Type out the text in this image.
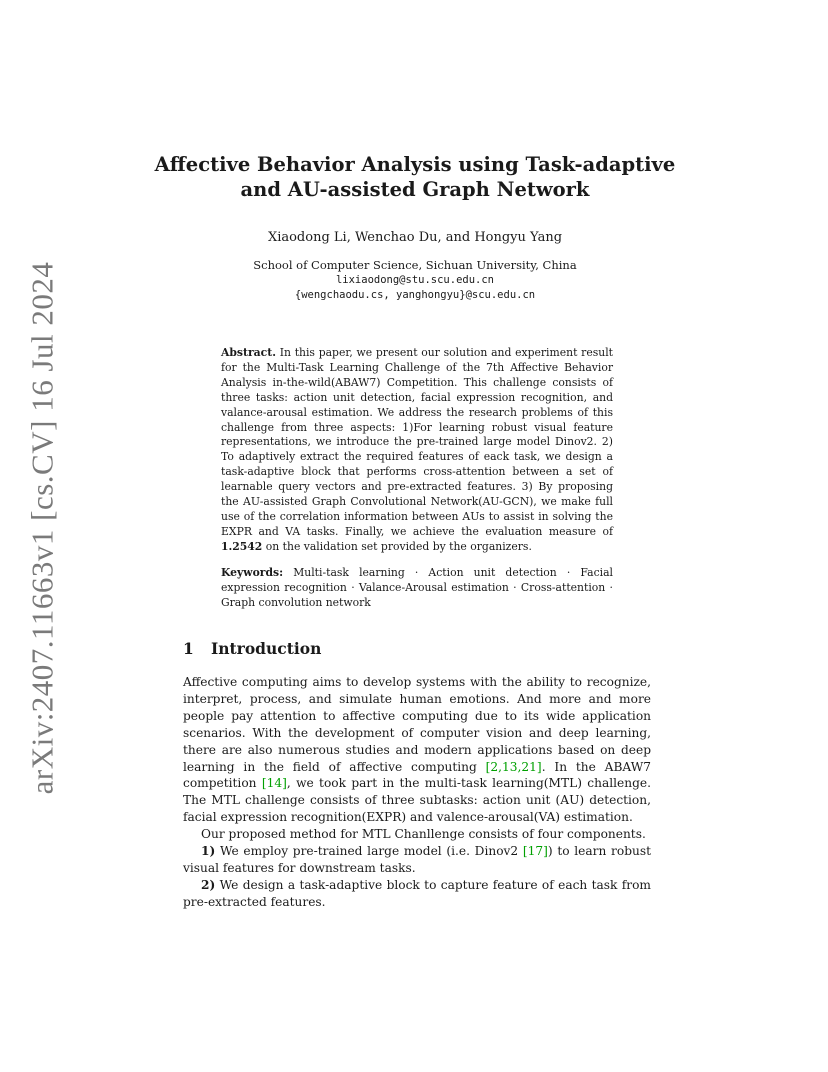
arXiv:2407.11663v1 [cs.CV] 16 Jul 2024
Affective Behavior Analysis using Task-adaptive and AU-assisted Graph Network
Xiaodong Li, Wenchao Du, and Hongyu Yang
School of Computer Science, Sichuan University, China
lixiaodong@stu.scu.edu.cn
{wengchaodu.cs, yanghongyu}@scu.edu.cn
Abstract. In this paper, we present our solution and experiment result for the Multi-Task Learning Challenge of the 7th Affective Behavior Analysis in-the-wild(ABAW7) Competition. This challenge consists of three tasks: action unit detection, facial expression recognition, and valance-arousal estimation. We address the research problems of this challenge from three aspects: 1)For learning robust visual feature representations, we introduce the pre-trained large model Dinov2. 2) To adaptively extract the required features of eack task, we design a task-adaptive block that performs cross-attention between a set of learnable query vectors and pre-extracted features. 3) By proposing the AU-assisted Graph Convolutional Network(AU-GCN), we make full use of the correlation information between AUs to assist in solving the EXPR and VA tasks. Finally, we achieve the evaluation measure of 1.2542 on the validation set provided by the organizers.
Keywords: Multi-task learning · Action unit detection · Facial expression recognition · Valance-Arousal estimation · Cross-attention · Graph convolution network
1 Introduction

Affective computing aims to develop systems with the ability to recognize, interpret, process, and simulate human emotions. And more and more people pay attention to affective computing due to its wide application scenarios. With the development of computer vision and deep learning, there are also numerous studies and modern applications based on deep learning in the field of affective computing [2,13,21]. In the ABAW7 competition [14], we took part in the multi-task learning(MTL) challenge. The MTL challenge consists of three subtasks: action unit (AU) detection, facial expression recognition(EXPR) and valence-arousal(VA) estimation.

Our proposed method for MTL Chanllenge consists of four components.

1) We employ pre-trained large model (i.e. Dinov2 [17]) to learn robust visual features for downstream tasks.

2) We design a task-adaptive block to capture feature of each task from pre-extracted features.
